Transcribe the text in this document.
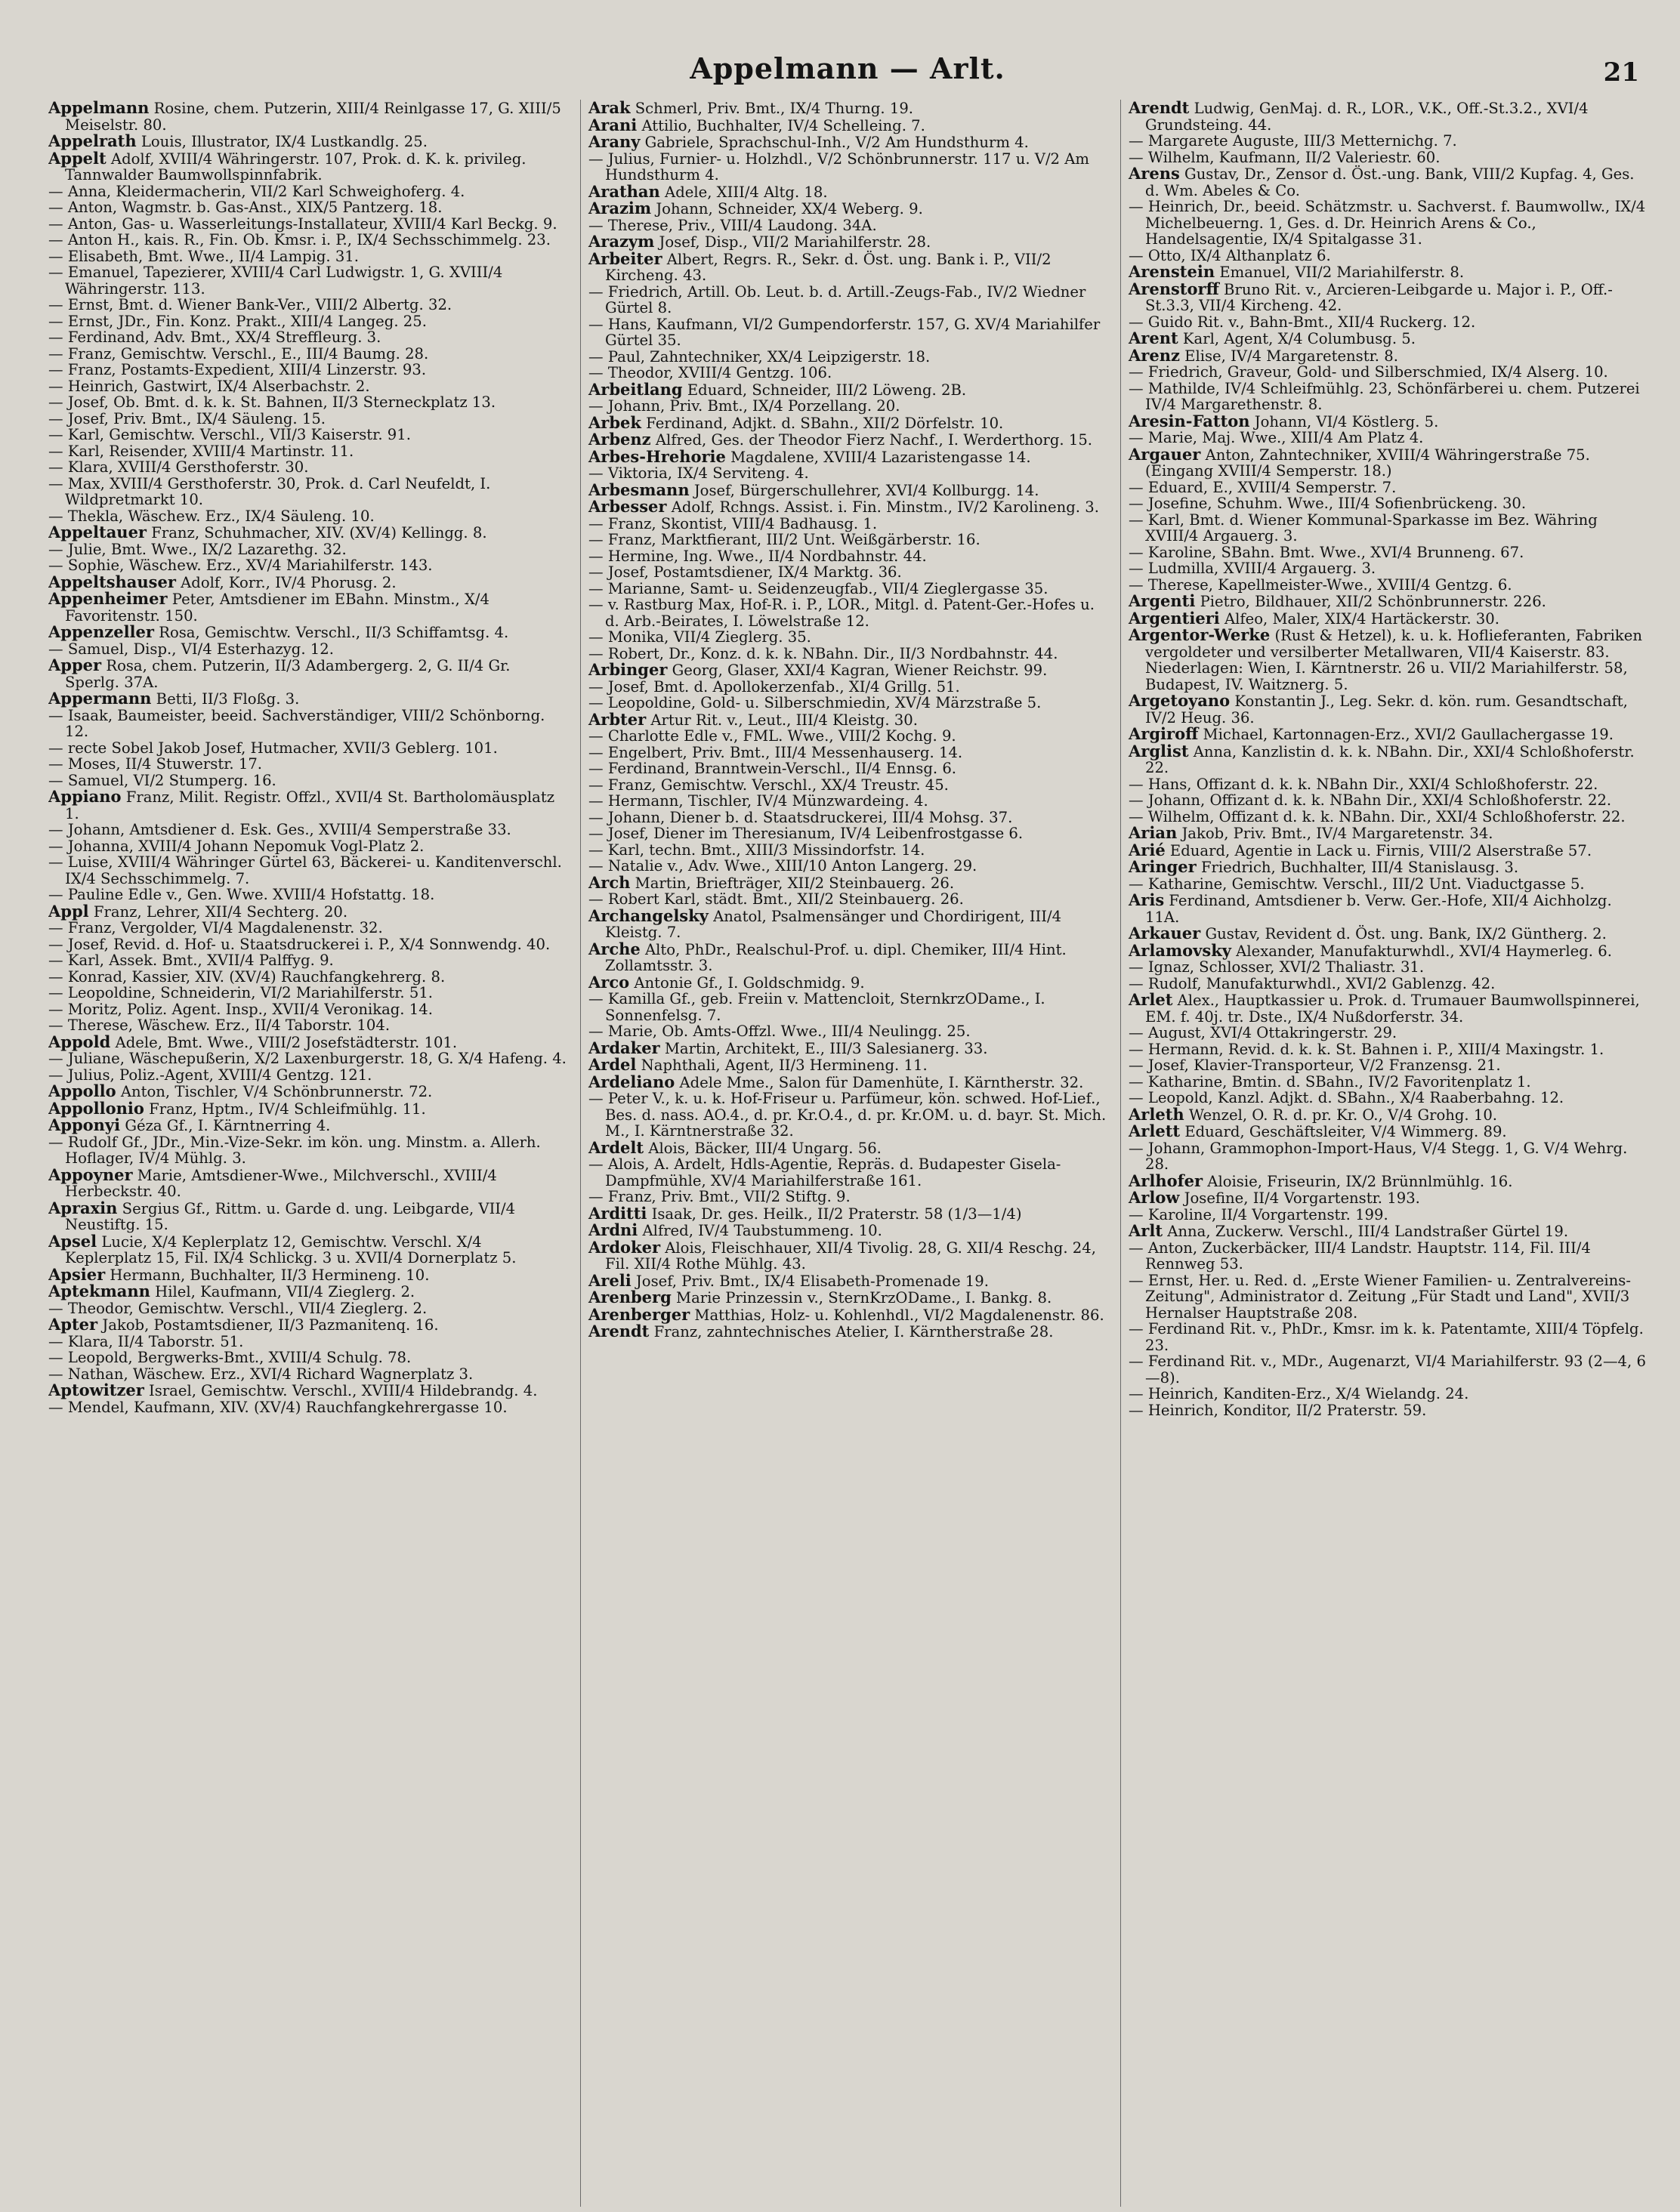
Appelmann — Arlt.	21

Appelmann Rosine, chem. Putzerin, XIII/4 Reinlgasse 17, G. XIII/5 Meiselstr. 80.

Appelrath Louis, Illustrator, IX/4 Lustkandlg. 25.

Appelt Adolf, XVIII/4 Währingerstr. 107, Prok. d. K. k. privileg. Tannwalder Baumwollspinnfabrik.

— Anna, Kleidermacherin, VII/2 Karl Schweighoferg. 4.

— Anton, Wagmstr. b. Gas-Anst., XIX/5 Pantzerg. 18.

— Anton, Gas- u. Wasserleitungs-Installateur, XVIII/4 Karl Beckg. 9.

— Anton H., kais. R., Fin. Ob. Kmsr. i. P., IX/4 Sechsschimmelg. 23.

— Elisabeth, Bmt. Wwe., II/4 Lampig. 31.

— Emanuel, Tapezierer, XVIII/4 Carl Ludwigstr. 1, G. XVIII/4 Währingerstr. 113.

— Ernst, Bmt. d. Wiener Bank-Ver., VIII/2 Albertg. 32.

— Ernst, JDr., Fin. Konz. Prakt., XIII/4 Langeg. 25.

— Ferdinand, Adv. Bmt., XX/4 Streffleurg. 3.

— Franz, Gemischtw. Verschl., E., III/4 Baumg. 28.

— Franz, Postamts-Expedient, XIII/4 Linzerstr. 93.

— Heinrich, Gastwirt, IX/4 Alserbachstr. 2.

— Josef, Ob. Bmt. d. k. k. St. Bahnen, II/3 Sterneckplatz 13.

— Josef, Priv. Bmt., IX/4 Säuleng. 15.

— Karl, Gemischtw. Verschl., VII/3 Kaiserstr. 91.

— Karl, Reisender, XVIII/4 Martinstr. 11.

— Klara, XVIII/4 Gersthoferstr. 30.

— Max, XVIII/4 Gersthoferstr. 30, Prok. d. Carl Neufeldt, I. Wildpretmarkt 10.

— Thekla, Wäschew. Erz., IX/4 Säuleng. 10.

Appeltauer Franz, Schuhmacher, XIV. (XV/4) Kellingg. 8.

— Julie, Bmt. Wwe., IX/2 Lazarethg. 32.

— Sophie, Wäschew. Erz., XV/4 Mariahilferstr. 143.

Appeltshauser Adolf, Korr., IV/4 Phorusg. 2.

Appenheimer Peter, Amtsdiener im EBahn. Minstm., X/4 Favoritenstr. 150.

Appenzeller Rosa, Gemischtw. Verschl., II/3 Schiffamtsg. 4.

— Samuel, Disp., VI/4 Esterhazyg. 12.

Apper Rosa, chem. Putzerin, II/3 Adambergerg. 2, G. II/4 Gr. Sperlg. 37A.

Appermann Betti, II/3 Floßg. 3.

— Isaak, Baumeister, beeid. Sachverständiger, VIII/2 Schönborng. 12.

— recte Sobel Jakob Josef, Hutmacher, XVII/3 Geblerg. 101.

— Moses, II/4 Stuwerstr. 17.

— Samuel, VI/2 Stumperg. 16.

Appiano Franz, Milit. Registr. Offzl., XVII/4 St. Bartholomäusplatz 1.

— Johann, Amtsdiener d. Esk. Ges., XVIII/4 Semperstraße 33.

— Johanna, XVIII/4 Johann Nepomuk Vogl-Platz 2.

— Luise, XVIII/4 Währinger Gürtel 63, Bäckerei- u. Kanditenverschl. IX/4 Sechsschimmelg. 7.

— Pauline Edle v., Gen. Wwe. XVIII/4 Hofstattg. 18.

Appl Franz, Lehrer, XII/4 Sechterg. 20.

— Franz, Vergolder, VI/4 Magdalenenstr. 32.

— Josef, Revid. d. Hof- u. Staatsdruckerei i. P., X/4 Sonnwendg. 40.

— Karl, Assek. Bmt., XVII/4 Palffyg. 9.

— Konrad, Kassier, XIV. (XV/4) Rauchfangkehrerg. 8.

— Leopoldine, Schneiderin, VI/2 Mariahilferstr. 51.

— Moritz, Poliz. Agent. Insp., XVII/4 Veronikag. 14.

— Therese, Wäschew. Erz., II/4 Taborstr. 104.

Appold Adele, Bmt. Wwe., VIII/2 Josefstädterstr. 101.

— Juliane, Wäschepußerin, X/2 Laxenburgerstr. 18, G. X/4 Hafeng. 4.

— Julius, Poliz.-Agent, XVIII/4 Gentzg. 121.

Appollo Anton, Tischler, V/4 Schönbrunnerstr. 72.

Appollonio Franz, Hptm., IV/4 Schleifmühlg. 11.

Apponyi Géza Gf., I. Kärntnerring 4.

— Rudolf Gf., JDr., Min.-Vize-Sekr. im kön. ung. Minstm. a. Allerh. Hoflager, IV/4 Mühlg. 3.

Appoyner Marie, Amtsdiener-Wwe., Milchverschl., XVIII/4 Herbeckstr. 40.

Apraxin Sergius Gf., Rittm. u. Garde d. ung. Leibgarde, VII/4 Neustiftg. 15.

Apsel Lucie, X/4 Keplerplatz 12, Gemischtw. Verschl. X/4 Keplerplatz 15, Fil. IX/4 Schlickg. 3 u. XVII/4 Dornerplatz 5.

Apsier Hermann, Buchhalter, II/3 Hermineng. 10.

Aptekmann Hilel, Kaufmann, VII/4 Zieglerg. 2.

— Theodor, Gemischtw. Verschl., VII/4 Zieglerg. 2.

Apter Jakob, Postamtsdiener, II/3 Pazmanitenq. 16.

— Klara, II/4 Taborstr. 51.

— Leopold, Bergwerks-Bmt., XVIII/4 Schulg. 78.

— Nathan, Wäschew. Erz., XVI/4 Richard Wagnerplatz 3.

Aptowitzer Israel, Gemischtw. Verschl., XVIII/4 Hildebrandg. 4.

— Mendel, Kaufmann, XIV. (XV/4) Rauchfangkehrergasse 10.

Arak Schmerl, Priv. Bmt., IX/4 Thurng. 19.

Arani Attilio, Buchhalter, IV/4 Schelleing. 7.

Arany Gabriele, Sprachschul-Inh., V/2 Am Hundsthurm 4.

— Julius, Furnier- u. Holzhdl., V/2 Schönbrunnerstr. 117 u. V/2 Am Hundsthurm 4.

Arathan Adele, XIII/4 Altg. 18.

Arazim Johann, Schneider, XX/4 Weberg. 9.

— Therese, Priv., VIII/4 Laudong. 34A.

Arazym Josef, Disp., VII/2 Mariahilferstr. 28.

Arbeiter Albert, Regrs. R., Sekr. d. Öst. ung. Bank i. P., VII/2 Kircheng. 43.

— Friedrich, Artill. Ob. Leut. b. d. Artill.-Zeugs-Fab., IV/2 Wiedner Gürtel 8.

— Hans, Kaufmann, VI/2 Gumpendorferstr. 157, G. XV/4 Mariahilfer Gürtel 35.

— Paul, Zahntechniker, XX/4 Leipzigerstr. 18.

— Theodor, XVIII/4 Gentzg. 106.

Arbeitlang Eduard, Schneider, III/2 Löweng. 2B.

— Johann, Priv. Bmt., IX/4 Porzellang. 20.

Arbek Ferdinand, Adjkt. d. SBahn., XII/2 Dörfelstr. 10.

Arbenz Alfred, Ges. der Theodor Fierz Nachf., I. Werderthorg. 15.

Arbes-Hrehorie Magdalene, XVIII/4 Lazaristengasse 14.

— Viktoria, IX/4 Serviteng. 4.

Arbesmann Josef, Bürgerschullehrer, XVI/4 Kollburgg. 14.

Arbesser Adolf, Rchngs. Assist. i. Fin. Minstm., IV/2 Karolineng. 3.

— Franz, Skontist, VIII/4 Badhausg. 1.

— Franz, Marktfierant, III/2 Unt. Weißgärberstr. 16.

— Hermine, Ing. Wwe., II/4 Nordbahnstr. 44.

— Josef, Postamtsdiener, IX/4 Marktg. 36.

— Marianne, Samt- u. Seidenzeugfab., VII/4 Zieglergasse 35.

— v. Rastburg Max, Hof-R. i. P., LOR., Mitgl. d. Patent-Ger.-Hofes u. d. Arb.-Beirates, I. Löwelstraße 12.

— Monika, VII/4 Zieglerg. 35.

— Robert, Dr., Konz. d. k. k. NBahn. Dir., II/3 Nordbahnstr. 44.

Arbinger Georg, Glaser, XXI/4 Kagran, Wiener Reichstr. 99.

— Josef, Bmt. d. Apollokerzenfab., XI/4 Grillg. 51.

— Leopoldine, Gold- u. Silberschmiedin, XV/4 Märzstraße 5.

Arbter Artur Rit. v., Leut., III/4 Kleistg. 30.

— Charlotte Edle v., FML. Wwe., VIII/2 Kochg. 9.

— Engelbert, Priv. Bmt., III/4 Messenhauserg. 14.

— Ferdinand, Branntwein-Verschl., II/4 Ennsg. 6.

— Franz, Gemischtw. Verschl., XX/4 Treustr. 45.

— Hermann, Tischler, IV/4 Münzwardeing. 4.

— Johann, Diener b. d. Staatsdruckerei, III/4 Mohsg. 37.

— Josef, Diener im Theresianum, IV/4 Leibenfrostgasse 6.

— Karl, techn. Bmt., XIII/3 Missindorfstr. 14.

— Natalie v., Adv. Wwe., XIII/10 Anton Langerg. 29.

Arch Martin, Briefträger, XII/2 Steinbauerg. 26.

— Robert Karl, städt. Bmt., XII/2 Steinbauerg. 26.

Archangelsky Anatol, Psalmensänger und Chordirigent, III/4 Kleistg. 7.

Arche Alto, PhDr., Realschul-Prof. u. dipl. Chemiker, III/4 Hint. Zollamtsstr. 3.

Arco Antonie Gf., I. Goldschmidg. 9.

— Kamilla Gf., geb. Freiin v. Mattencloit, SternkrzODame., I. Sonnenfelsg. 7.

— Marie, Ob. Amts-Offzl. Wwe., III/4 Neulingg. 25.

Ardaker Martin, Architekt, E., III/3 Salesianerg. 33.

Ardel Naphthali, Agent, II/3 Hermineng. 11.

Ardeliano Adele Mme., Salon für Damenhüte, I. Kärntherstr. 32.

— Peter V., k. u. k. Hof-Friseur u. Parfümeur, kön. schwed. Hof-Lief., Bes. d. nass. AO.4., d. pr. Kr.O.4., d. pr. Kr.OM. u. d. bayr. St. Mich. M., I. Kärntnerstraße 32.

Ardelt Alois, Bäcker, III/4 Ungarg. 56.

— Alois, A. Ardelt, Hdls-Agentie, Repräs. d. Budapester Gisela-Dampfmühle, XV/4 Mariahilferstraße 161.

— Franz, Priv. Bmt., VII/2 Stiftg. 9.

Arditti Isaak, Dr. ges. Heilk., II/2 Praterstr. 58 (1/3—1/4)

Ardni Alfred, IV/4 Taubstummeng. 10.

Ardoker Alois, Fleischhauer, XII/4 Tivolig. 28, G. XII/4 Reschg. 24, Fil. XII/4 Rothe Mühlg. 43.

Areli Josef, Priv. Bmt., IX/4 Elisabeth-Promenade 19.

Arenberg Marie Prinzessin v., SternKrzODame., I. Bankg. 8.

Arenberger Matthias, Holz- u. Kohlenhdl., VI/2 Magdalenenstr. 86.

Arendt Franz, zahntechnisches Atelier, I. Kärntherstraße 28.

Arendt Ludwig, GenMaj. d. R., LOR., V.K., Off.-St.3.2., XVI/4 Grundsteing. 44.

— Margarete Auguste, III/3 Metternichg. 7.

— Wilhelm, Kaufmann, II/2 Valeriestr. 60.

Arens Gustav, Dr., Zensor d. Öst.-ung. Bank, VIII/2 Kupfag. 4, Ges. d. Wm. Abeles & Co.

— Heinrich, Dr., beeid. Schätzmstr. u. Sachverst. f. Baumwollw., IX/4 Michelbeuerng. 1, Ges. d. Dr. Heinrich Arens & Co., Handelsagentie, IX/4 Spitalgasse 31.

— Otto, IX/4 Althanplatz 6.

Arenstein Emanuel, VII/2 Mariahilferstr. 8.

Arenstorff Bruno Rit. v., Arcieren-Leibgarde u. Major i. P., Off.-St.3.3, VII/4 Kircheng. 42.

— Guido Rit. v., Bahn-Bmt., XII/4 Ruckerg. 12.

Arent Karl, Agent, X/4 Columbusg. 5.

Arenz Elise, IV/4 Margaretenstr. 8.

— Friedrich, Graveur, Gold- und Silberschmied, IX/4 Alserg. 10.

— Mathilde, IV/4 Schleifmühlg. 23, Schönfärberei u. chem. Putzerei IV/4 Margarethenstr. 8.

Aresin-Fatton Johann, VI/4 Köstlerg. 5.

— Marie, Maj. Wwe., XIII/4 Am Platz 4.

Argauer Anton, Zahntechniker, XVIII/4 Währingerstraße 75. (Eingang XVIII/4 Semperstr. 18.)

— Eduard, E., XVIII/4 Semperstr. 7.

— Josefine, Schuhm. Wwe., III/4 Sofienbrückeng. 30.

— Karl, Bmt. d. Wiener Kommunal-Sparkasse im Bez. Währing XVIII/4 Argauerg. 3.

— Karoline, SBahn. Bmt. Wwe., XVI/4 Brunneng. 67.

— Ludmilla, XVIII/4 Argauerg. 3.

— Therese, Kapellmeister-Wwe., XVIII/4 Gentzg. 6.

Argenti Pietro, Bildhauer, XII/2 Schönbrunnerstr. 226.

Argentieri Alfeo, Maler, XIX/4 Hartäckerstr. 30.

Argentor-Werke (Rust & Hetzel), k. u. k. Hoflieferanten, Fabriken vergoldeter und versilberter Metallwaren, VII/4 Kaiserstr. 83. Niederlagen: Wien, I. Kärntnerstr. 26 u. VII/2 Mariahilferstr. 58, Budapest, IV. Waitznerg. 5.

Argetoyano Konstantin J., Leg. Sekr. d. kön. rum. Gesandtschaft, IV/2 Heug. 36.

Argiroff Michael, Kartonnagen-Erz., XVI/2 Gaullachergasse 19.

Arglist Anna, Kanzlistin d. k. k. NBahn. Dir., XXI/4 Schloßhoferstr. 22.

— Hans, Offizant d. k. k. NBahn Dir., XXI/4 Schloßhoferstr. 22.

— Johann, Offizant d. k. k. NBahn Dir., XXI/4 Schloßhoferstr. 22.

— Wilhelm, Offizant d. k. k. NBahn. Dir., XXI/4 Schloßhoferstr. 22.

Arian Jakob, Priv. Bmt., IV/4 Margaretenstr. 34.

Arié Eduard, Agentie in Lack u. Firnis, VIII/2 Alserstraße 57.

Aringer Friedrich, Buchhalter, III/4 Stanislausg. 3.

— Katharine, Gemischtw. Verschl., III/2 Unt. Viaductgasse 5.

Aris Ferdinand, Amtsdiener b. Verw. Ger.-Hofe, XII/4 Aichholzg. 11A.

Arkauer Gustav, Revident d. Öst. ung. Bank, IX/2 Güntherg. 2.

Arlamovsky Alexander, Manufakturwhdl., XVI/4 Haymerleg. 6.

— Ignaz, Schlosser, XVI/2 Thaliastr. 31.

— Rudolf, Manufakturwhdl., XVI/2 Gablenzg. 42.

Arlet Alex., Hauptkassier u. Prok. d. Trumauer Baumwollspinnerei, EM. f. 40j. tr. Dste., IX/4 Nußdorferstr. 34.

— August, XVI/4 Ottakringerstr. 29.

— Hermann, Revid. d. k. k. St. Bahnen i. P., XIII/4 Maxingstr. 1.

— Josef, Klavier-Transporteur, V/2 Franzensg. 21.

— Katharine, Bmtin. d. SBahn., IV/2 Favoritenplatz 1.

— Leopold, Kanzl. Adjkt. d. SBahn., X/4 Raaberbahng. 12.

Arleth Wenzel, O. R. d. pr. Kr. O., V/4 Grohg. 10.

Arlett Eduard, Geschäftsleiter, V/4 Wimmerg. 89.

— Johann, Grammophon-Import-Haus, V/4 Stegg. 1, G. V/4 Wehrg. 28.

Arlhofer Aloisie, Friseurin, IX/2 Brünnlmühlg. 16.

Arlow Josefine, II/4 Vorgartenstr. 193.

— Karoline, II/4 Vorgartenstr. 199.

Arlt Anna, Zuckerw. Verschl., III/4 Landstraßer Gürtel 19.

— Anton, Zuckerbäcker, III/4 Landstr. Hauptstr. 114, Fil. III/4 Rennweg 53.

— Ernst, Her. u. Red. d. „Erste Wiener Familien- u. Zentralvereins-Zeitung", Administrator d. Zeitung „Für Stadt und Land", XVII/3 Hernalser Hauptstraße 208.

— Ferdinand Rit. v., PhDr., Kmsr. im k. k. Patentamte, XIII/4 Töpfelg. 23.

— Ferdinand Rit. v., MDr., Augenarzt, VI/4 Mariahilferstr. 93 (2—4, 6—8).

— Heinrich, Kanditen-Erz., X/4 Wielandg. 24.

— Heinrich, Konditor, II/2 Praterstr. 59.
